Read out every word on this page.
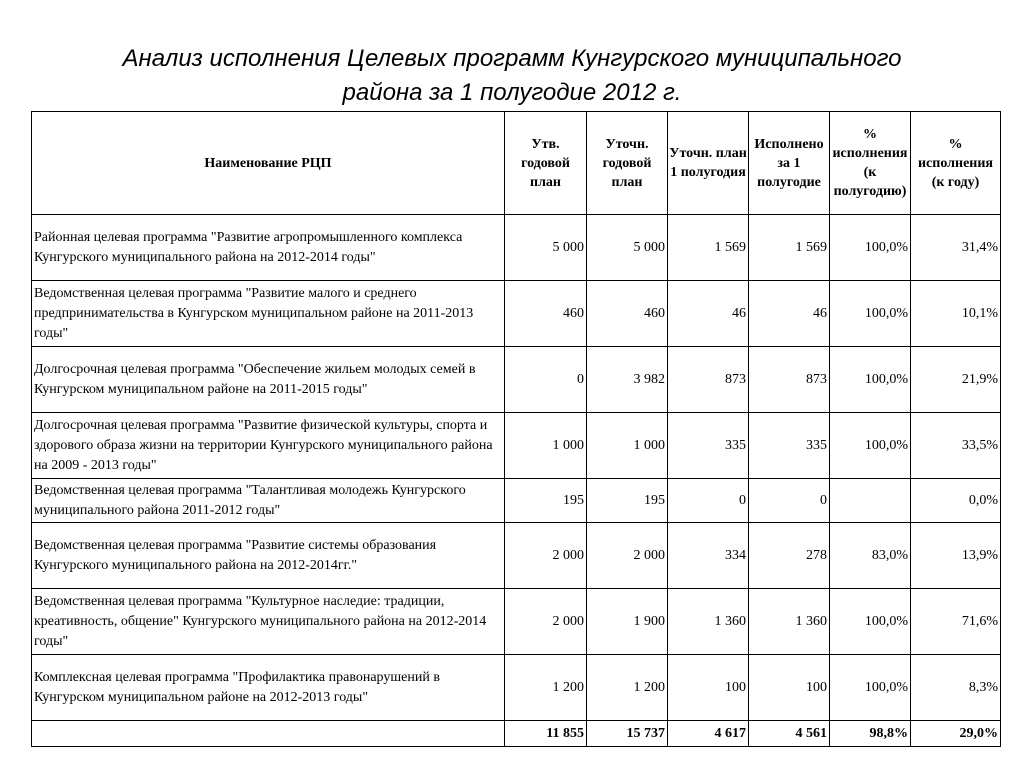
Анализ исполнения Целевых программ Кунгурского муниципального
района за 1 полугодие 2012 г.
Наименование РЦП	Утв. годовой план	Уточн. годовой план	Уточн. план 1 полугодия	Исполнено за 1 полугодие	% исполнения (к полугодию)	% исполнения (к году)
Районная целевая программа "Развитие агропромышленного комплекса Кунгурского муниципального района на 2012-2014 годы"	5 000	5 000	1 569	1 569	100,0%	31,4%
Ведомственная целевая программа "Развитие малого и среднего предпринимательства в Кунгурском муниципальном районе на 2011-2013 годы"	460	460	46	46	100,0%	10,1%
Долгосрочная целевая программа "Обеспечение жильем молодых семей в Кунгурском муниципальном районе на 2011-2015 годы"	0	3 982	873	873	100,0%	21,9%
Долгосрочная целевая программа "Развитие физической культуры, спорта и здорового образа жизни на территории Кунгурского муниципального района на 2009 - 2013 годы"	1 000	1 000	335	335	100,0%	33,5%
Ведомственная целевая программа "Талантливая молодежь Кунгурского муниципального района 2011-2012 годы"	195	195	0	0		0,0%
Ведомственная целевая программа "Развитие системы образования Кунгурского муниципального района на 2012-2014гг."	2 000	2 000	334	278	83,0%	13,9%
Ведомственная целевая программа "Культурное наследие: традиции, креативность, общение" Кунгурского муниципального района на 2012-2014 годы"	2 000	1 900	1 360	1 360	100,0%	71,6%
Комплексная целевая программа "Профилактика правонарушений в Кунгурском муниципальном районе на 2012-2013 годы"	1 200	1 200	100	100	100,0%	8,3%
	11 855	15 737	4 617	4 561	98,8%	29,0%
